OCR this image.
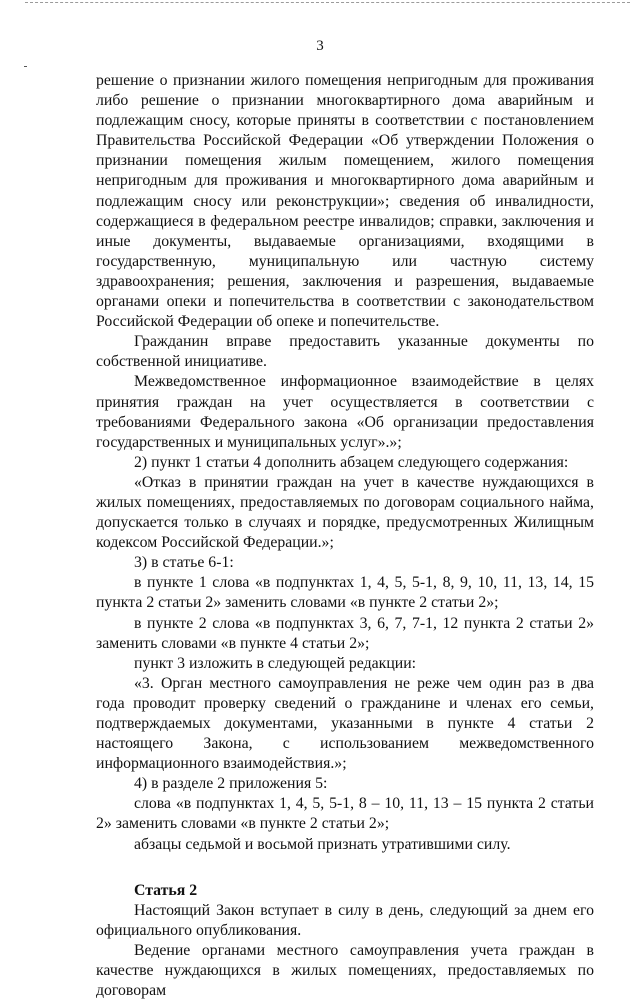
3

решение о признании жилого помещения непригодным для проживания либо решение о признании многоквартирного дома аварийным и подлежащим сносу, которые приняты в соответствии с постановлением Правительства Российской Федерации «Об утверждении Положения о признании помещения жилым помещением, жилого помещения непригодным для проживания и многоквартирного дома аварийным и подлежащим сносу или реконструкции»; сведения об инвалидности, содержащиеся в федеральном реестре инвалидов; справки, заключения и иные документы, выдаваемые организациями, входящими в государственную, муниципальную или частную систему здравоохранения; решения, заключения и разрешения, выдаваемые органами опеки и попечительства в соответствии с законодательством Российской Федерации об опеке и попечительстве.

Гражданин вправе предоставить указанные документы по собственной инициативе.

Межведомственное информационное взаимодействие в целях принятия граждан на учет осуществляется в соответствии с требованиями Федерального закона «Об организации предоставления государственных и муниципальных услуг».»;

2) пункт 1 статьи 4 дополнить абзацем следующего содержания:

«Отказ в принятии граждан на учет в качестве нуждающихся в жилых помещениях, предоставляемых по договорам социального найма, допускается только в случаях и порядке, предусмотренных Жилищным кодексом Российской Федерации.»;

3) в статье 6-1:

в пункте 1 слова «в подпунктах 1, 4, 5, 5-1, 8, 9, 10, 11, 13, 14, 15 пункта 2 статьи 2» заменить словами «в пункте 2 статьи 2»;

в пункте 2 слова «в подпунктах 3, 6, 7, 7-1, 12 пункта 2 статьи 2» заменить словами «в пункте 4 статьи 2»;

пункт 3 изложить в следующей редакции:

«3. Орган местного самоуправления не реже чем один раз в два года проводит проверку сведений о гражданине и членах его семьи, подтверждаемых документами, указанными в пункте 4 статьи 2 настоящего Закона, с использованием межведомственного информационного взаимодействия.»;

4) в разделе 2 приложения 5:

слова «в подпунктах 1, 4, 5, 5-1, 8 – 10, 11, 13 – 15 пункта 2 статьи 2» заменить словами «в пункте 2 статьи 2»;

абзацы седьмой и восьмой признать утратившими силу.

Статья 2

Настоящий Закон вступает в силу в день, следующий за днем его официального опубликования.

Ведение органами местного самоуправления учета граждан в качестве нуждающихся в жилых помещениях, предоставляемых по договорам
